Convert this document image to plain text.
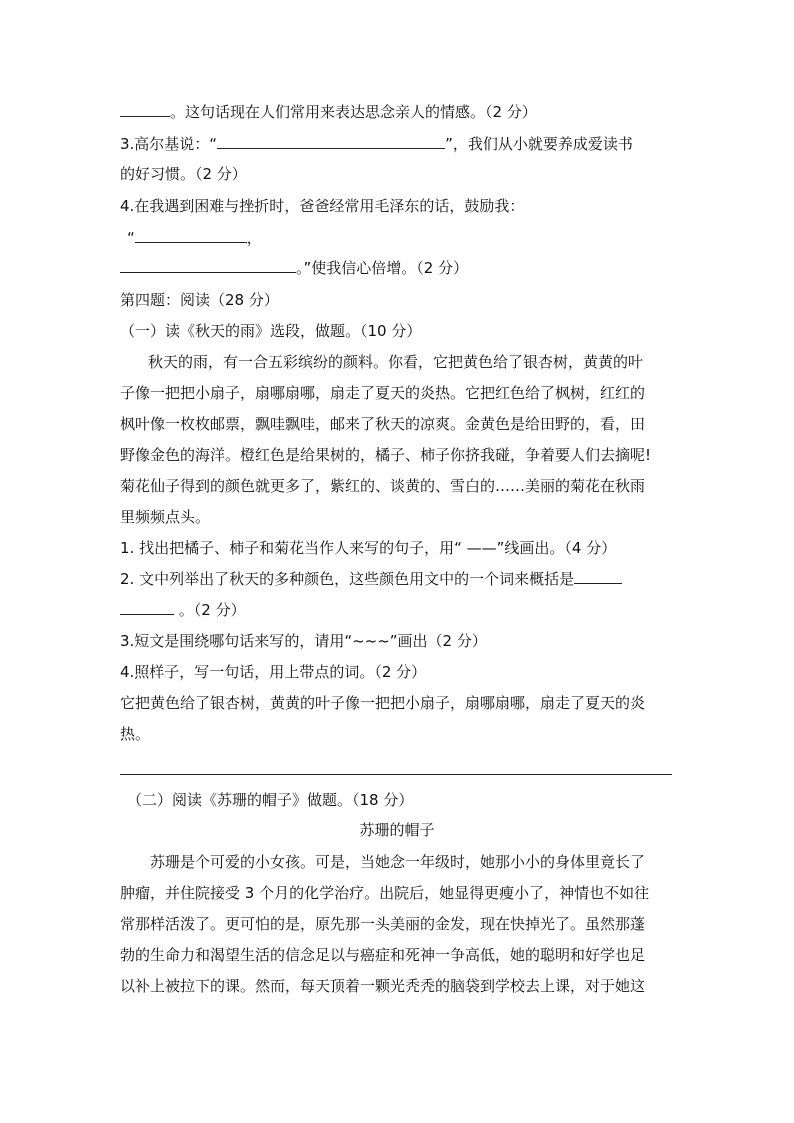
。这句话现在人们常用来表达思念亲人的情感。（2 分）
3.高尔基说：“	”，我们从小就要养成爱读书
的好习惯。（2 分）
4.在我遇到困难与挫折时，爸爸经常用毛泽东的话，鼓励我：
“	，
。”使我信心倍增。（2 分）
第四题：阅读（28 分）
（一）读《秋天的雨》选段，做题。（10 分）
秋天的雨，有一合五彩缤纷的颜料。你看，它把黄色给了银杏树，黄黄的叶
子像一把把小扇子，扇哪扇哪，扇走了夏天的炎热。它把红色给了枫树，红红的
枫叶像一枚枚邮票，飘哇飘哇，邮来了秋天的凉爽。金黄色是给田野的，看，田
野像金色的海洋。橙红色是给果树的，橘子、柿子你挤我碰，争着要人们去摘呢!
菊花仙子得到的颜色就更多了，紫红的、谈黄的、雪白的……美丽的菊花在秋雨
里频频点头。
1. 找出把橘子、柿子和菊花当作人来写的句子，用“ ——”线画出。（4 分）
2. 文中列举出了秋天的多种颜色，这些颜色用文中的一个词来概括是
。（2 分）
3.短文是围绕哪句话来写的，请用“~~~”画出（2 分）
4.照样子，写一句话，用上带点的词。（2 分）
它把黄色给了银杏树，黄黄的叶子像一把把小扇子，扇哪扇哪，扇走了夏天的炎
热。
（二）阅读《苏珊的帽子》做题。（18 分）
苏珊的帽子
苏珊是个可爱的小女孩。可是，当她念一年级时，她那小小的身体里竟长了
肿瘤，并住院接受 3 个月的化学治疗。出院后，她显得更瘦小了，神情也不如往
常那样活泼了。更可怕的是，原先那一头美丽的金发，现在快掉光了。虽然那蓬
勃的生命力和渴望生活的信念足以与癌症和死神一争高低，她的聪明和好学也足
以补上被拉下的课。然而，每天顶着一颗光秃秃的脑袋到学校去上课，对于她这
